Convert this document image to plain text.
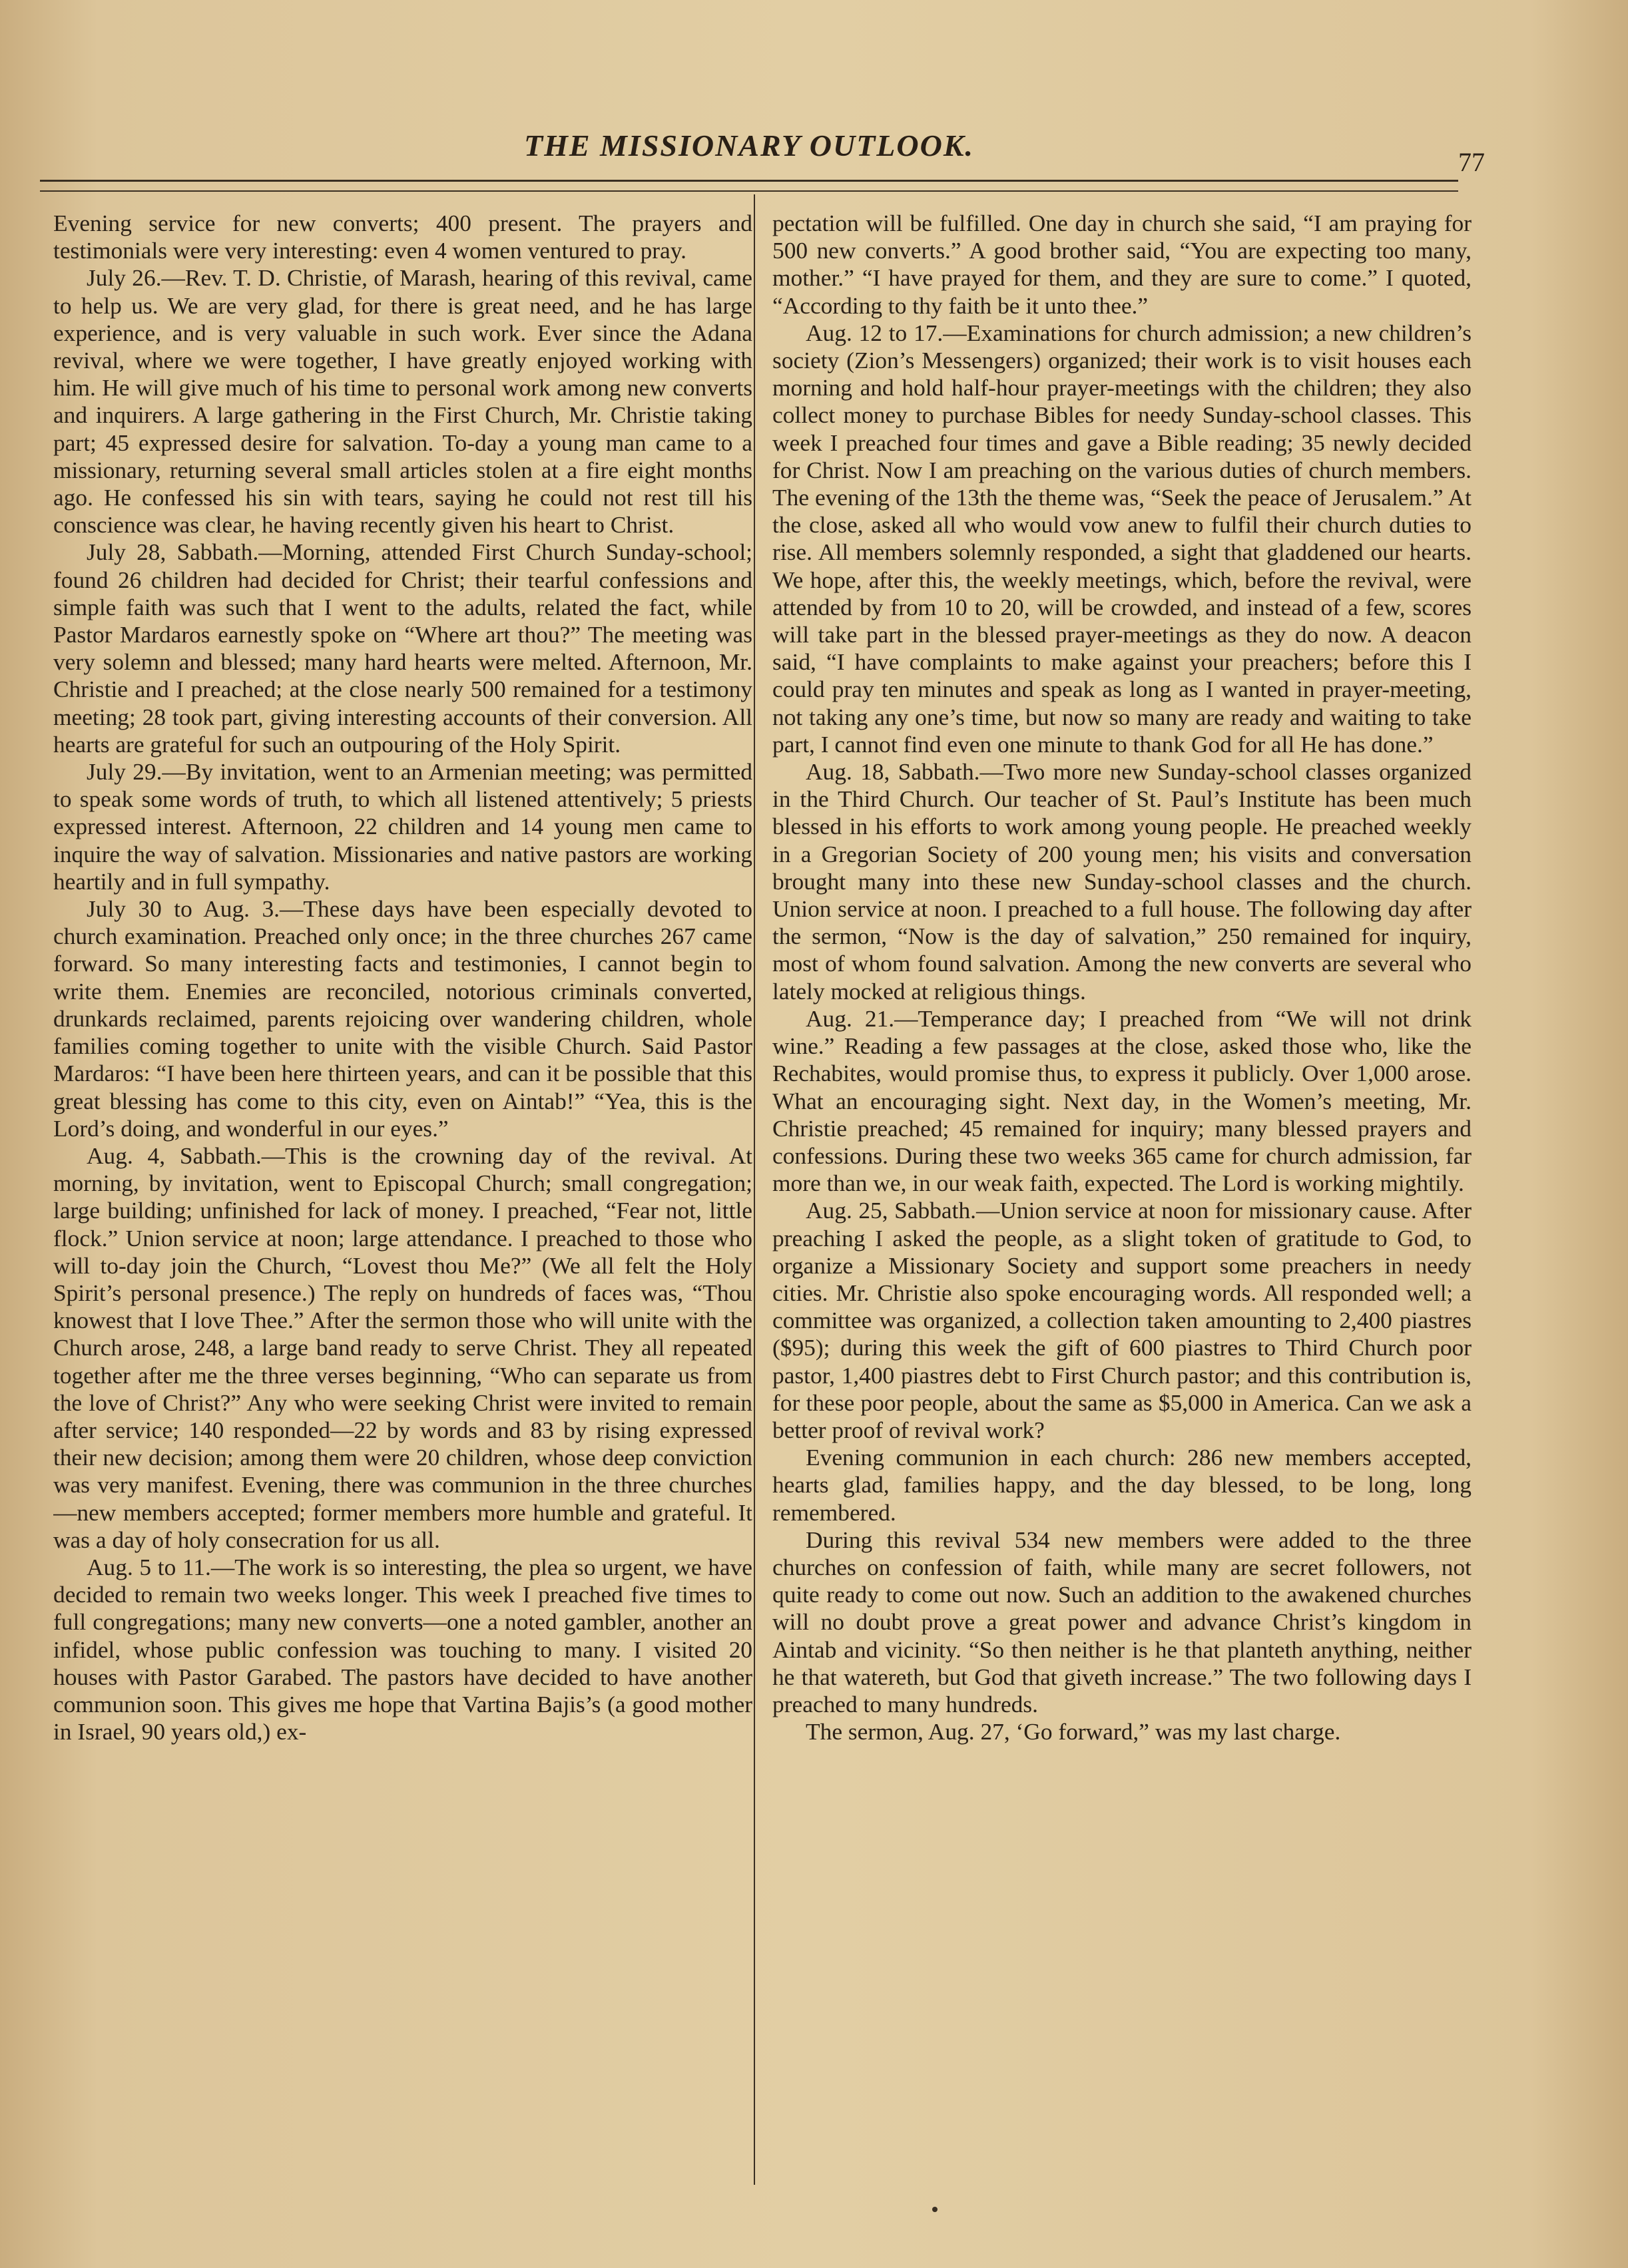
THE MISSIONARY OUTLOOK.	77

Evening service for new converts; 400 present. The prayers and testimonials were very interesting: even 4 women ventured to pray.

July 26.—Rev. T. D. Christie, of Marash, hearing of this revival, came to help us. We are very glad, for there is great need, and he has large experience, and is very valuable in such work. Ever since the Adana revival, where we were together, I have greatly enjoyed working with him. He will give much of his time to personal work among new converts and inquirers. A large gathering in the First Church, Mr. Christie taking part; 45 expressed desire for salvation. To-day a young man came to a missionary, returning several small articles stolen at a fire eight months ago. He confessed his sin with tears, saying he could not rest till his conscience was clear, he having recently given his heart to Christ.

July 28, Sabbath.—Morning, attended First Church Sunday-school; found 26 children had decided for Christ; their tearful confessions and simple faith was such that I went to the adults, related the fact, while Pastor Mardaros earnestly spoke on “Where art thou?” The meeting was very solemn and blessed; many hard hearts were melted. Afternoon, Mr. Christie and I preached; at the close nearly 500 remained for a testimony meeting; 28 took part, giving interesting accounts of their conversion. All hearts are grateful for such an outpouring of the Holy Spirit.

July 29.—By invitation, went to an Armenian meeting; was permitted to speak some words of truth, to which all listened attentively; 5 priests expressed interest. Afternoon, 22 children and 14 young men came to inquire the way of salvation. Missionaries and native pastors are working heartily and in full sympathy.

July 30 to Aug. 3.—These days have been especially devoted to church examination. Preached only once; in the three churches 267 came forward. So many interesting facts and testimonies, I cannot begin to write them. Enemies are reconciled, notorious criminals converted, drunkards reclaimed, parents rejoicing over wandering children, whole families coming together to unite with the visible Church. Said Pastor Mardaros: “I have been here thirteen years, and can it be possible that this great blessing has come to this city, even on Aintab!” “Yea, this is the Lord’s doing, and wonderful in our eyes.”

Aug. 4, Sabbath.—This is the crowning day of the revival. At morning, by invitation, went to Episcopal Church; small congregation; large building; unfinished for lack of money. I preached, “Fear not, little flock.” Union service at noon; large attendance. I preached to those who will to-day join the Church, “Lovest thou Me?” (We all felt the Holy Spirit’s personal presence.) The reply on hundreds of faces was, “Thou knowest that I love Thee.” After the sermon those who will unite with the Church arose, 248, a large band ready to serve Christ. They all repeated together after me the three verses beginning, “Who can separate us from the love of Christ?” Any who were seeking Christ were invited to remain after service; 140 responded—22 by words and 83 by rising expressed their new decision; among them were 20 children, whose deep conviction was very manifest. Evening, there was communion in the three churches—new members accepted; former members more humble and grateful. It was a day of holy consecration for us all.

Aug. 5 to 11.—The work is so interesting, the plea so urgent, we have decided to remain two weeks longer. This week I preached five times to full congregations; many new converts—one a noted gambler, another an infidel, whose public confession was touching to many. I visited 20 houses with Pastor Garabed. The pastors have decided to have another communion soon. This gives me hope that Vartina Bajis’s (a good mother in Israel, 90 years old,) ex-

pectation will be fulfilled. One day in church she said, “I am praying for 500 new converts.” A good brother said, “You are expecting too many, mother.” “I have prayed for them, and they are sure to come.” I quoted, “According to thy faith be it unto thee.”

Aug. 12 to 17.—Examinations for church admission; a new children’s society (Zion’s Messengers) organized; their work is to visit houses each morning and hold half-hour prayer-meetings with the children; they also collect money to purchase Bibles for needy Sunday-school classes. This week I preached four times and gave a Bible reading; 35 newly decided for Christ. Now I am preaching on the various duties of church members. The evening of the 13th the theme was, “Seek the peace of Jerusalem.” At the close, asked all who would vow anew to fulfil their church duties to rise. All members solemnly responded, a sight that gladdened our hearts. We hope, after this, the weekly meetings, which, before the revival, were attended by from 10 to 20, will be crowded, and instead of a few, scores will take part in the blessed prayer-meetings as they do now. A deacon said, “I have complaints to make against your preachers; before this I could pray ten minutes and speak as long as I wanted in prayer-meeting, not taking any one’s time, but now so many are ready and waiting to take part, I cannot find even one minute to thank God for all He has done.”

Aug. 18, Sabbath.—Two more new Sunday-school classes organized in the Third Church. Our teacher of St. Paul’s Institute has been much blessed in his efforts to work among young people. He preached weekly in a Gregorian Society of 200 young men; his visits and conversation brought many into these new Sunday-school classes and the church. Union service at noon. I preached to a full house. The following day after the sermon, “Now is the day of salvation,” 250 remained for inquiry, most of whom found salvation. Among the new converts are several who lately mocked at religious things.

Aug. 21.—Temperance day; I preached from “We will not drink wine.” Reading a few passages at the close, asked those who, like the Rechabites, would promise thus, to express it publicly. Over 1,000 arose. What an encouraging sight. Next day, in the Women’s meeting, Mr. Christie preached; 45 remained for inquiry; many blessed prayers and confessions. During these two weeks 365 came for church admission, far more than we, in our weak faith, expected. The Lord is working mightily.

Aug. 25, Sabbath.—Union service at noon for missionary cause. After preaching I asked the people, as a slight token of gratitude to God, to organize a Missionary Society and support some preachers in needy cities. Mr. Christie also spoke encouraging words. All responded well; a committee was organized, a collection taken amounting to 2,400 piastres ($95); during this week the gift of 600 piastres to Third Church poor pastor, 1,400 piastres debt to First Church pastor; and this contribution is, for these poor people, about the same as $5,000 in America. Can we ask a better proof of revival work?

Evening communion in each church: 286 new members accepted, hearts glad, families happy, and the day blessed, to be long, long remembered.

During this revival 534 new members were added to the three churches on confession of faith, while many are secret followers, not quite ready to come out now. Such an addition to the awakened churches will no doubt prove a great power and advance Christ’s kingdom in Aintab and vicinity. “So then neither is he that planteth anything, neither he that watereth, but God that giveth increase.” The two following days I preached to many hundreds.

The sermon, Aug. 27, ‘Go forward,” was my last charge.
